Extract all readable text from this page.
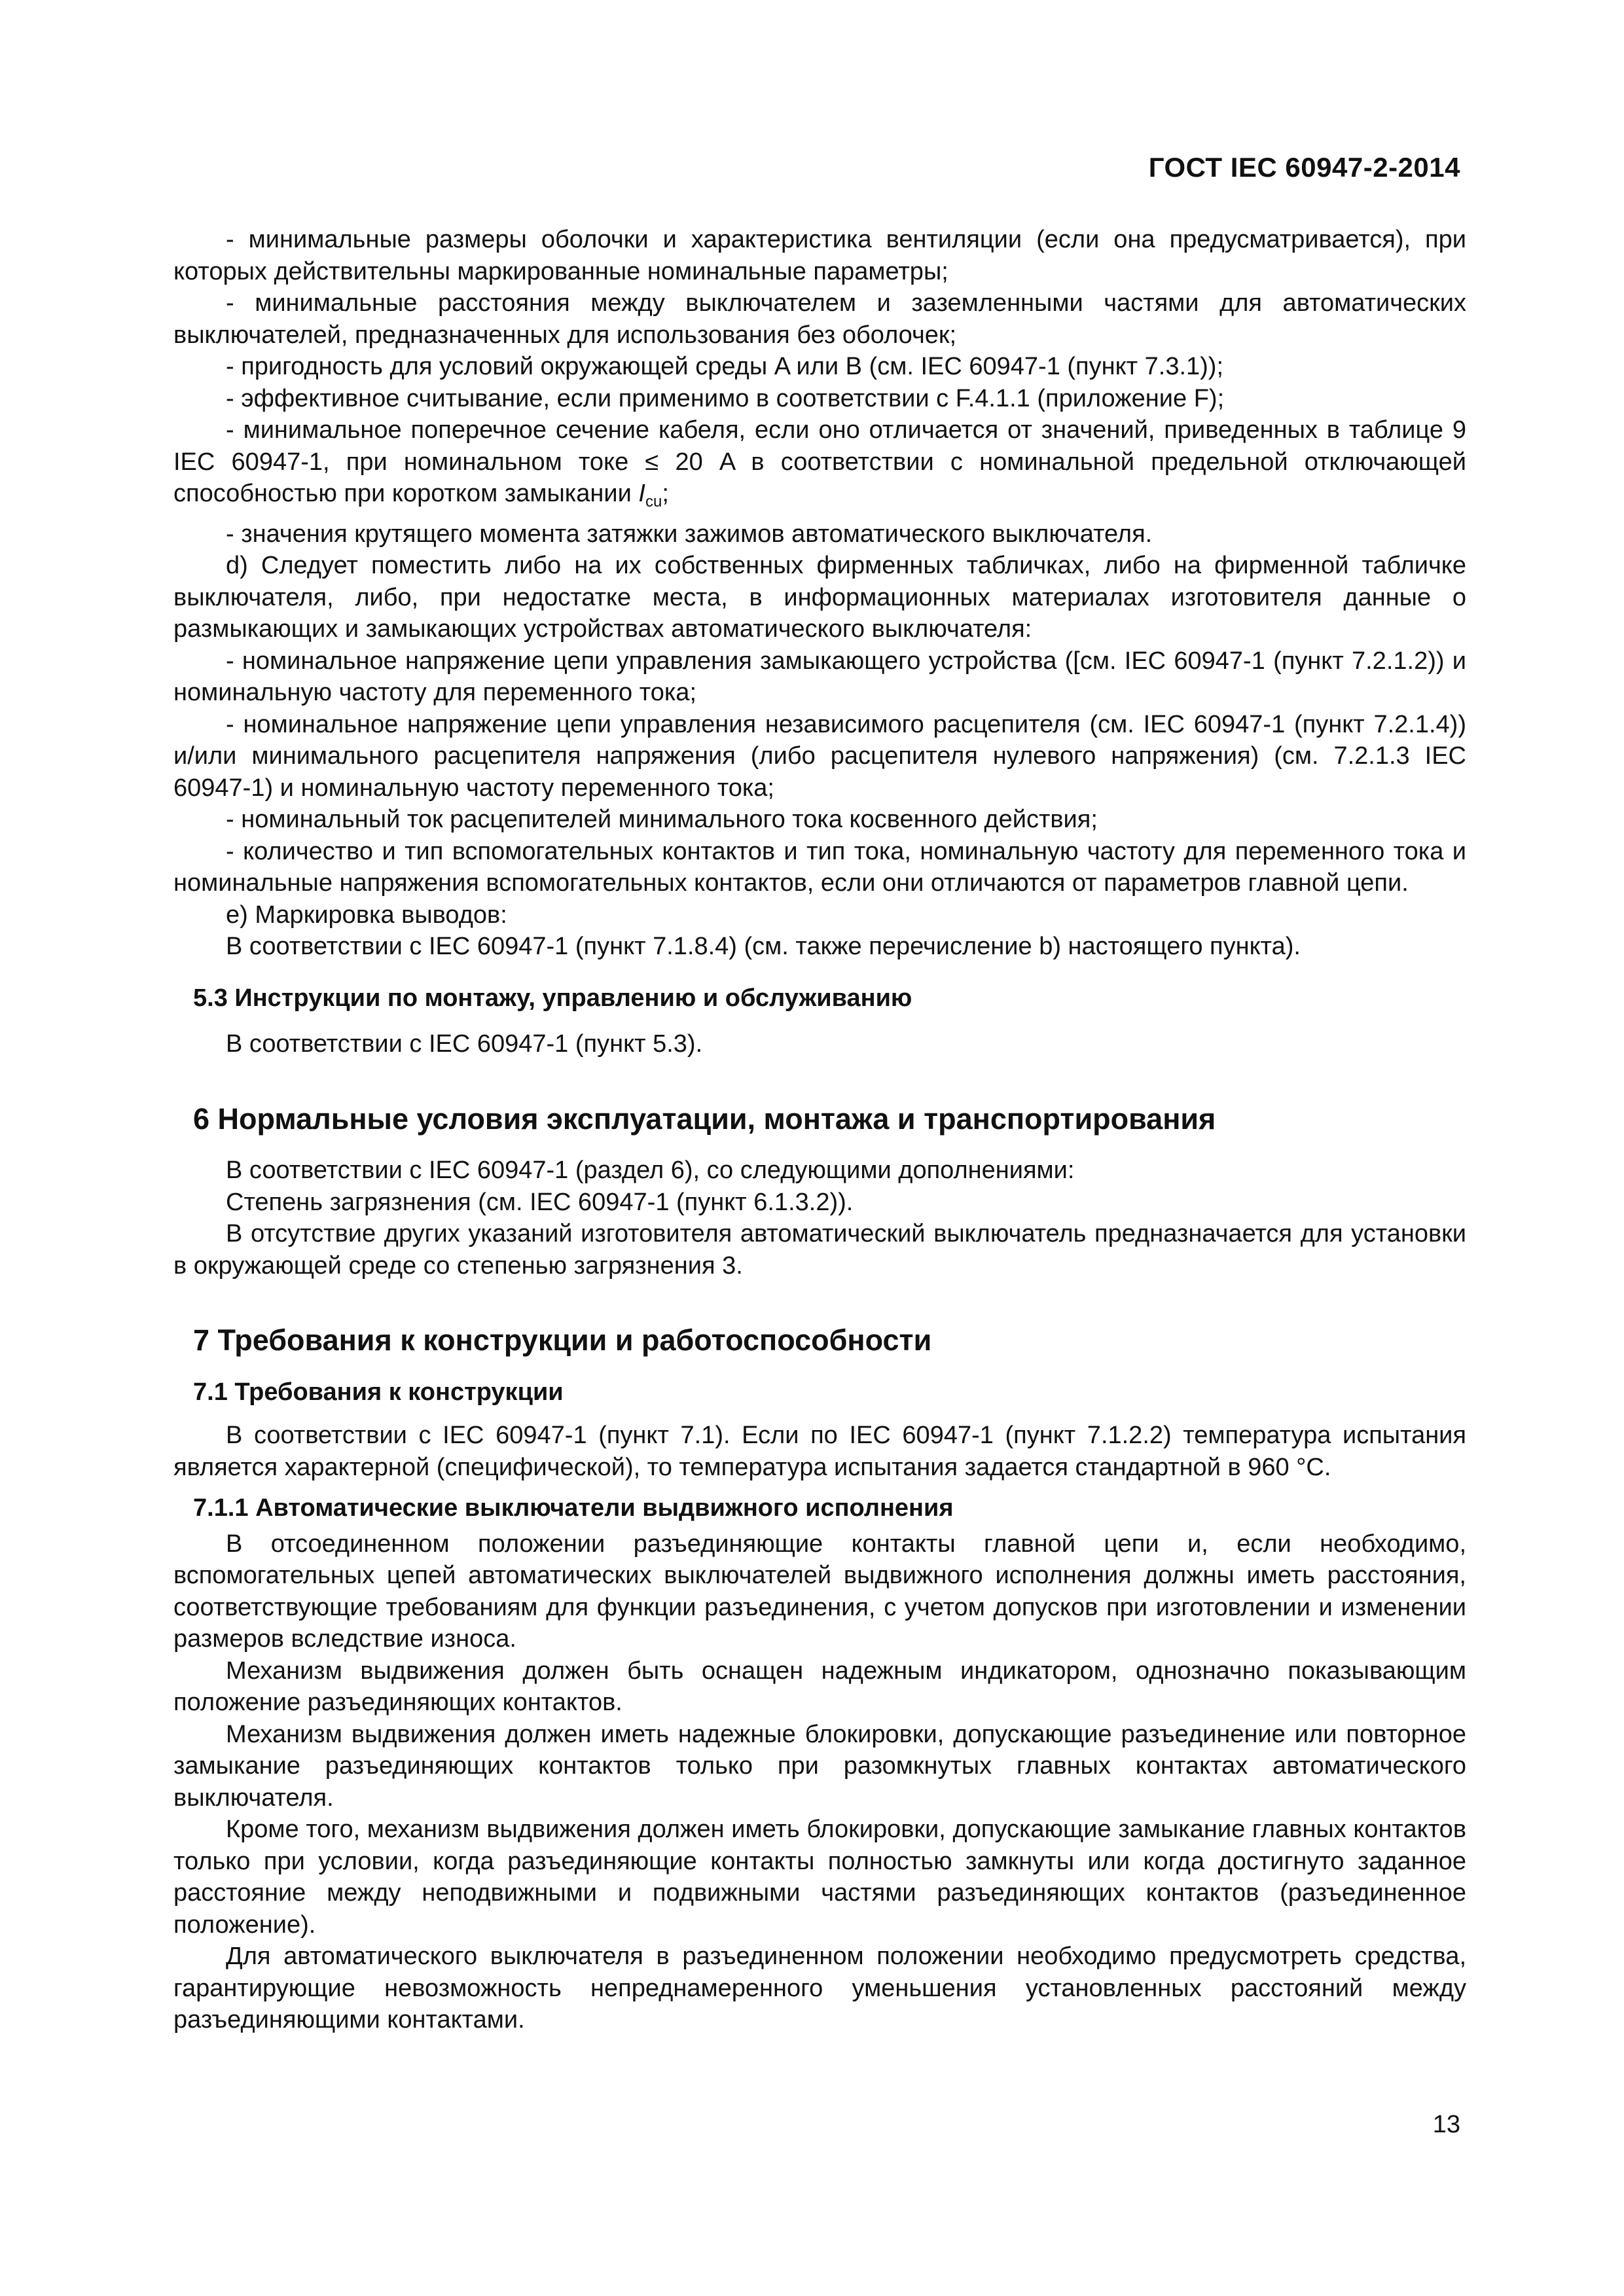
ГОСТ IEC 60947-2-2014

- минимальные размеры оболочки и характеристика вентиляции (если она предусматривается), при которых действительны маркированные номинальные параметры;

- минимальные расстояния между выключателем и заземленными частями для автоматических выключателей, предназначенных для использования без оболочек;

- пригодность для условий окружающей среды A или B (см. IEC 60947-1 (пункт 7.3.1));

- эффективное считывание, если применимо в соответствии с F.4.1.1 (приложение F);

- минимальное поперечное сечение кабеля, если оно отличается от значений, приведенных в таблице 9 IEC 60947-1, при номинальном токе ≤ 20 A в соответствии с номинальной предельной отключающей способностью при коротком замыкании $I_{cu}$;

- значения крутящего момента затяжки зажимов автоматического выключателя.

d) Следует поместить либо на их собственных фирменных табличках, либо на фирменной табличке выключателя, либо, при недостатке места, в информационных материалах изготовителя данные о размыкающих и замыкающих устройствах автоматического выключателя:

- номинальное напряжение цепи управления замыкающего устройства ([см. IEC 60947-1 (пункт 7.2.1.2)) и номинальную частоту для переменного тока;

- номинальное напряжение цепи управления независимого расцепителя (см. IEC 60947-1 (пункт 7.2.1.4)) и/или минимального расцепителя напряжения (либо расцепителя нулевого напряжения) (см. 7.2.1.3 IEC 60947-1) и номинальную частоту переменного тока;

- номинальный ток расцепителей минимального тока косвенного действия;

- количество и тип вспомогательных контактов и тип тока, номинальную частоту для переменного тока и номинальные напряжения вспомогательных контактов, если они отличаются от параметров главной цепи.

e) Маркировка выводов:

В соответствии с IEC 60947-1 (пункт 7.1.8.4) (см. также перечисление b) настоящего пункта).

5.3 Инструкции по монтажу, управлению и обслуживанию

В соответствии с IEC 60947-1 (пункт 5.3).

6 Нормальные условия эксплуатации, монтажа и транспортирования

В соответствии с IEC 60947-1 (раздел 6), со следующими дополнениями:

Степень загрязнения (см. IEC 60947-1 (пункт 6.1.3.2)).

В отсутствие других указаний изготовителя автоматический выключатель предназначается для установки в окружающей среде со степенью загрязнения 3.

7 Требования к конструкции и работоспособности
7.1 Требования к конструкции

В соответствии с IEC 60947-1 (пункт 7.1). Если по IEC 60947-1 (пункт 7.1.2.2) температура испытания является характерной (специфической), то температура испытания задается стандартной в 960 °С.

7.1.1 Автоматические выключатели выдвижного исполнения

В отсоединенном положении разъединяющие контакты главной цепи и, если необходимо, вспомогательных цепей автоматических выключателей выдвижного исполнения должны иметь расстояния, соответствующие требованиям для функции разъединения, с учетом допусков при изготовлении и изменении размеров вследствие износа.

Механизм выдвижения должен быть оснащен надежным индикатором, однозначно показывающим положение разъединяющих контактов.

Механизм выдвижения должен иметь надежные блокировки, допускающие разъединение или повторное замыкание разъединяющих контактов только при разомкнутых главных контактах автоматического выключателя.

Кроме того, механизм выдвижения должен иметь блокировки, допускающие замыкание главных контактов только при условии, когда разъединяющие контакты полностью замкнуты или когда достигнуто заданное расстояние между неподвижными и подвижными частями разъединяющих контактов (разъединенное положение).

Для автоматического выключателя в разъединенном положении необходимо предусмотреть средства, гарантирующие невозможность непреднамеренного уменьшения установленных расстояний между разъединяющими контактами.

13
